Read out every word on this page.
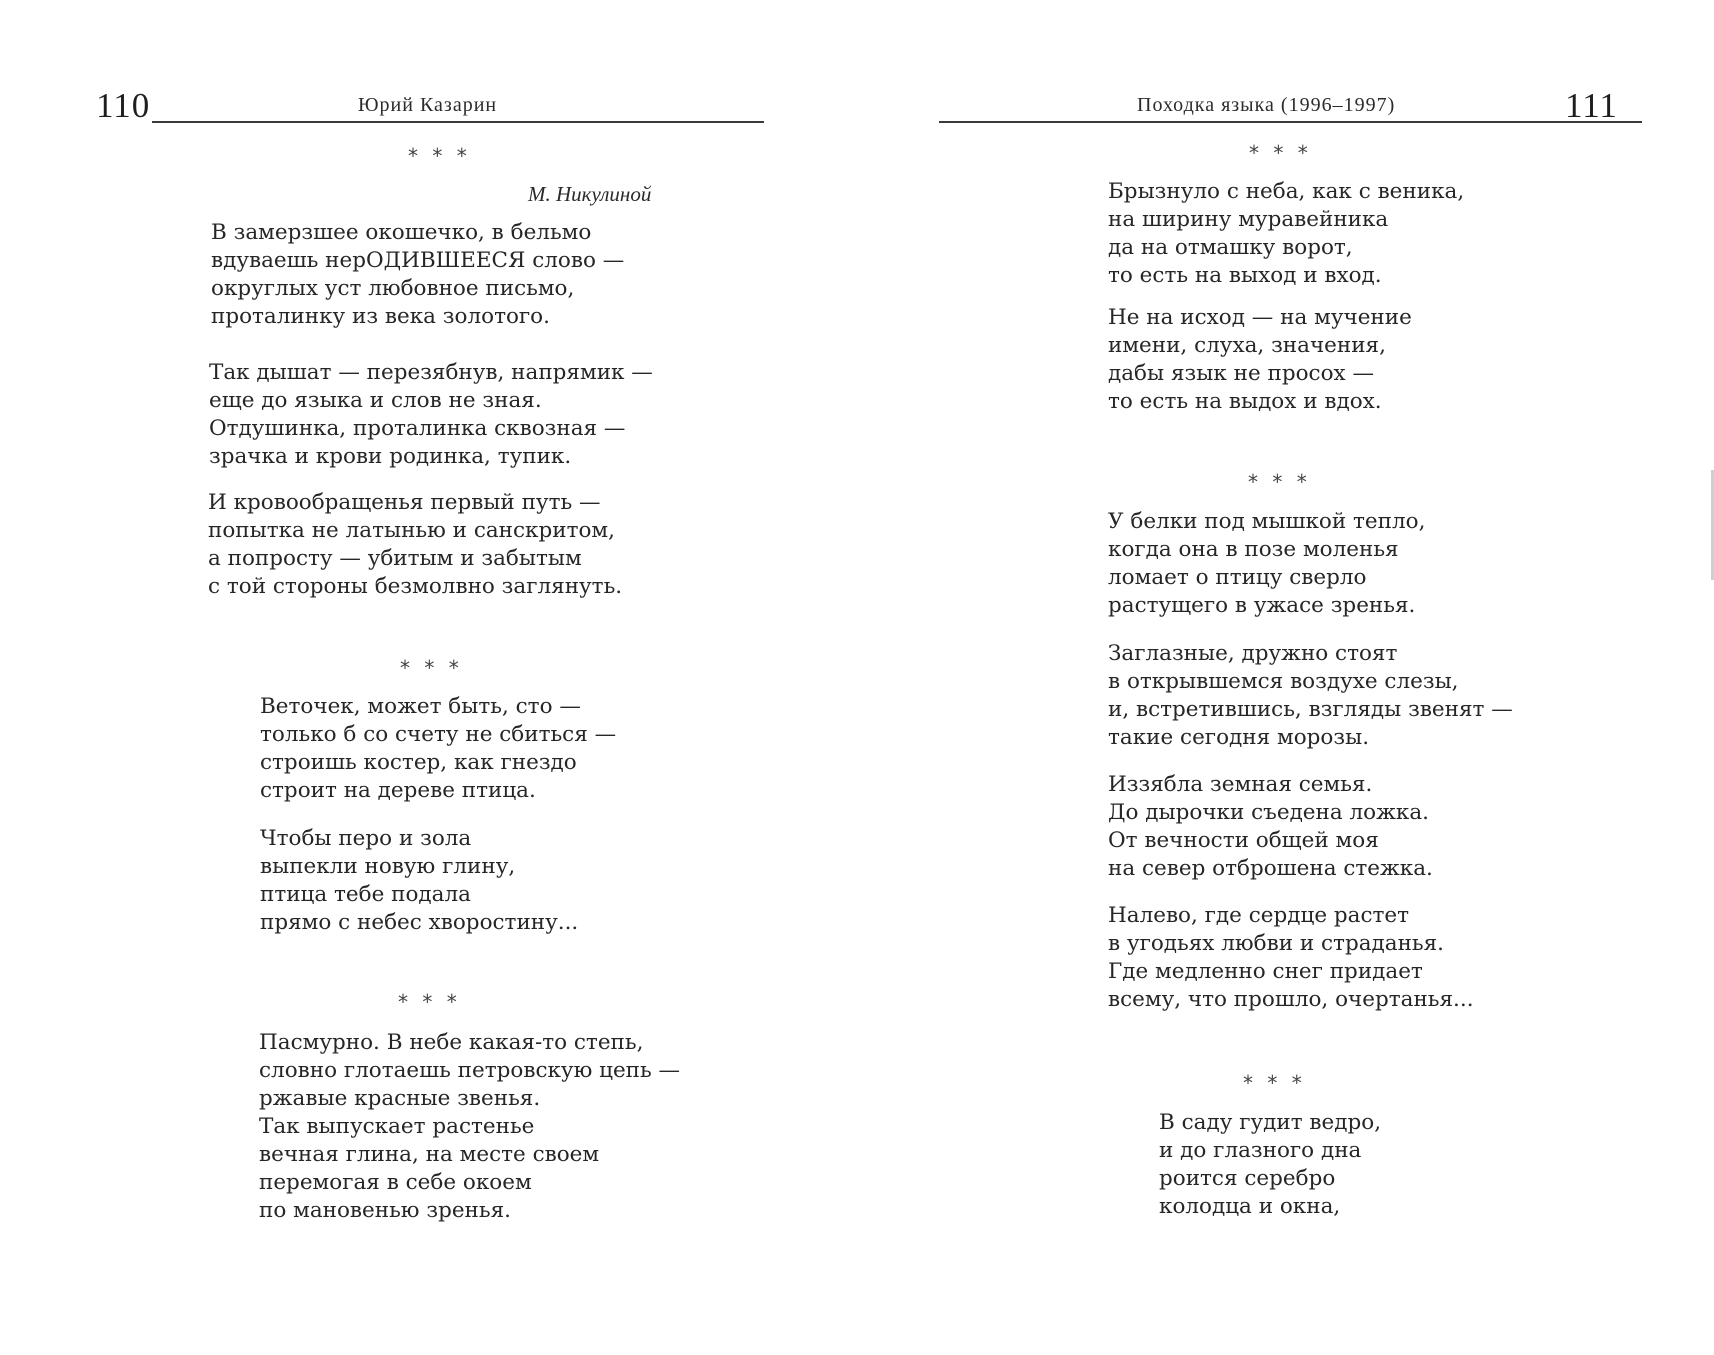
110	Юрий Казарин
* * *
М. Никулиной
В замерзшее окошечко, в бельмо
вдуваешь нерОДИВШЕЕСЯ слово —
округлых уст любовное письмо,
проталинку из века золотого.
Так дышат — перезябнув, напрямик —
еще до языка и слов не зная.
Отдушинка, проталинка сквозная —
зрачка и крови родинка, тупик.
И кровообращенья первый путь —
попытка не латынью и санскритом,
а попросту — убитым и забытым
с той стороны безмолвно заглянуть.
* * *
Веточек, может быть, сто —
только б со счету не сбиться —
строишь костер, как гнездо
строит на дереве птица.
Чтобы перо и зола
выпекли новую глину,
птица тебе подала
прямо с небес хворостину...
* * *
Пасмурно. В небе какая-то степь,
словно глотаешь петровскую цепь —
ржавые красные звенья.
Так выпускает растенье
вечная глина, на месте своем
перемогая в себе окоем
по мановенью зренья.
Походка языка (1996–1997)	111
* * *
Брызнуло с неба, как с веника,
на ширину муравейника
да на отмашку ворот,
то есть на выход и вход.
Не на исход — на мучение
имени, слуха, значения,
дабы язык не просох —
то есть на выдох и вдох.
* * *
У белки под мышкой тепло,
когда она в позе моленья
ломает о птицу сверло
растущего в ужасе зренья.
Заглазные, дружно стоят
в открывшемся воздухе слезы,
и, встретившись, взгляды звенят —
такие сегодня морозы.
Иззябла земная семья.
До дырочки съедена ложка.
От вечности общей моя
на север отброшена стежка.
Налево, где сердце растет
в угодьях любви и страданья.
Где медленно снег придает
всему, что прошло, очертанья...
* * *
В саду гудит ведро,
и до глазного дна
роится серебро
колодца и окна,
